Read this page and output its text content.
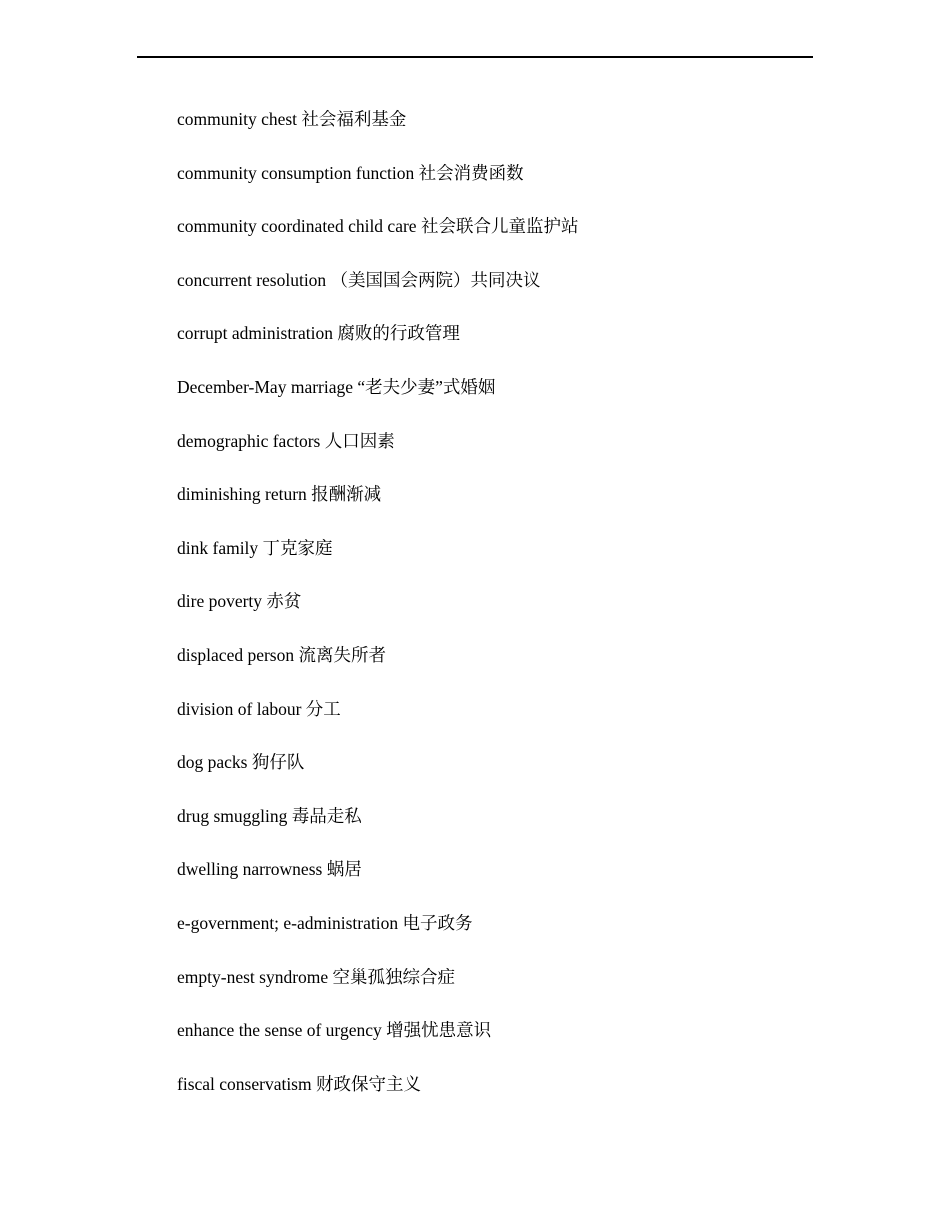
community chest 社会福利基金
community consumption function 社会消费函数
community coordinated child care 社会联合儿童监护站
concurrent resolution （美国国会两院）共同决议
corrupt administration 腐败的行政管理
December-May marriage “老夫少妻”式婚姻
demographic factors 人口因素
diminishing return 报酬渐减
dink family 丁克家庭
dire poverty 赤贫
displaced person 流离失所者
division of labour 分工
dog packs 狗仔队
drug smuggling 毒品走私
dwelling narrowness 蜗居
e-government; e-administration 电子政务
empty-nest syndrome 空巢孤独综合症
enhance the sense of urgency 增强忧患意识
fiscal conservatism 财政保守主义
